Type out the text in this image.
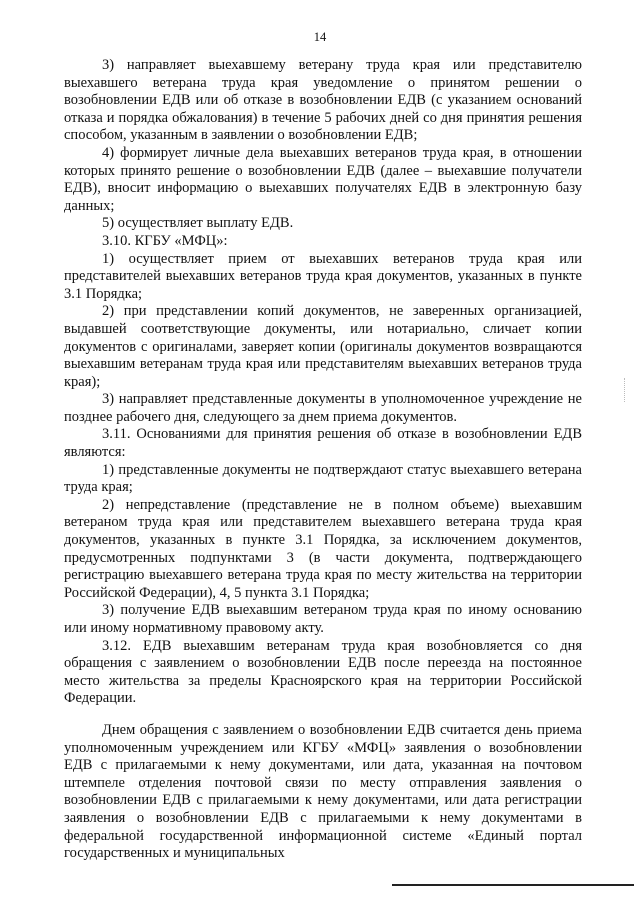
14

3) направляет выехавшему ветерану труда края или представителю выехавшего ветерана труда края уведомление о принятом решении о возобновлении ЕДВ или об отказе в возобновлении ЕДВ (с указанием оснований отказа и порядка обжалования) в течение 5 рабочих дней со дня принятия решения способом, указанным в заявлении о возобновлении ЕДВ;

4) формирует личные дела выехавших ветеранов труда края, в отношении которых принято решение о возобновлении ЕДВ (далее – выехавшие получатели ЕДВ), вносит информацию о выехавших получателях ЕДВ в электронную базу данных;

5) осуществляет выплату ЕДВ.

3.10. КГБУ «МФЦ»:

1) осуществляет прием от выехавших ветеранов труда края или представителей выехавших ветеранов труда края документов, указанных в пункте 3.1 Порядка;

2) при представлении копий документов, не заверенных организацией, выдавшей соответствующие документы, или нотариально, сличает копии документов с оригиналами, заверяет копии (оригиналы документов возвращаются выехавшим ветеранам труда края или представителям выехавших ветеранов труда края);

3) направляет представленные документы в уполномоченное учреждение не позднее рабочего дня, следующего за днем приема документов.

3.11. Основаниями для принятия решения об отказе в возобновлении ЕДВ являются:

1) представленные документы не подтверждают статус выехавшего ветерана труда края;

2) непредставление (представление не в полном объеме) выехавшим ветераном труда края или представителем выехавшего ветерана труда края документов, указанных в пункте 3.1 Порядка, за исключением документов, предусмотренных подпунктами 3 (в части документа, подтверждающего регистрацию выехавшего ветерана труда края по месту жительства на территории Российской Федерации), 4, 5 пункта 3.1 Порядка;

3) получение ЕДВ выехавшим ветераном труда края по иному основанию или иному нормативному правовому акту.

3.12. ЕДВ выехавшим ветеранам труда края возобновляется со дня обращения с заявлением о возобновлении ЕДВ после переезда на постоянное место жительства за пределы Красноярского края на территории Российской Федерации.

Днем обращения с заявлением о возобновлении ЕДВ считается день приема уполномоченным учреждением или КГБУ «МФЦ» заявления о возобновлении ЕДВ с прилагаемыми к нему документами, или дата, указанная на почтовом штемпеле отделения почтовой связи по месту отправления заявления о возобновлении ЕДВ с прилагаемыми к нему документами, или дата регистрации заявления о возобновлении ЕДВ с прилагаемыми к нему документами в федеральной государственной информационной системе «Единый портал государственных и муниципальных
